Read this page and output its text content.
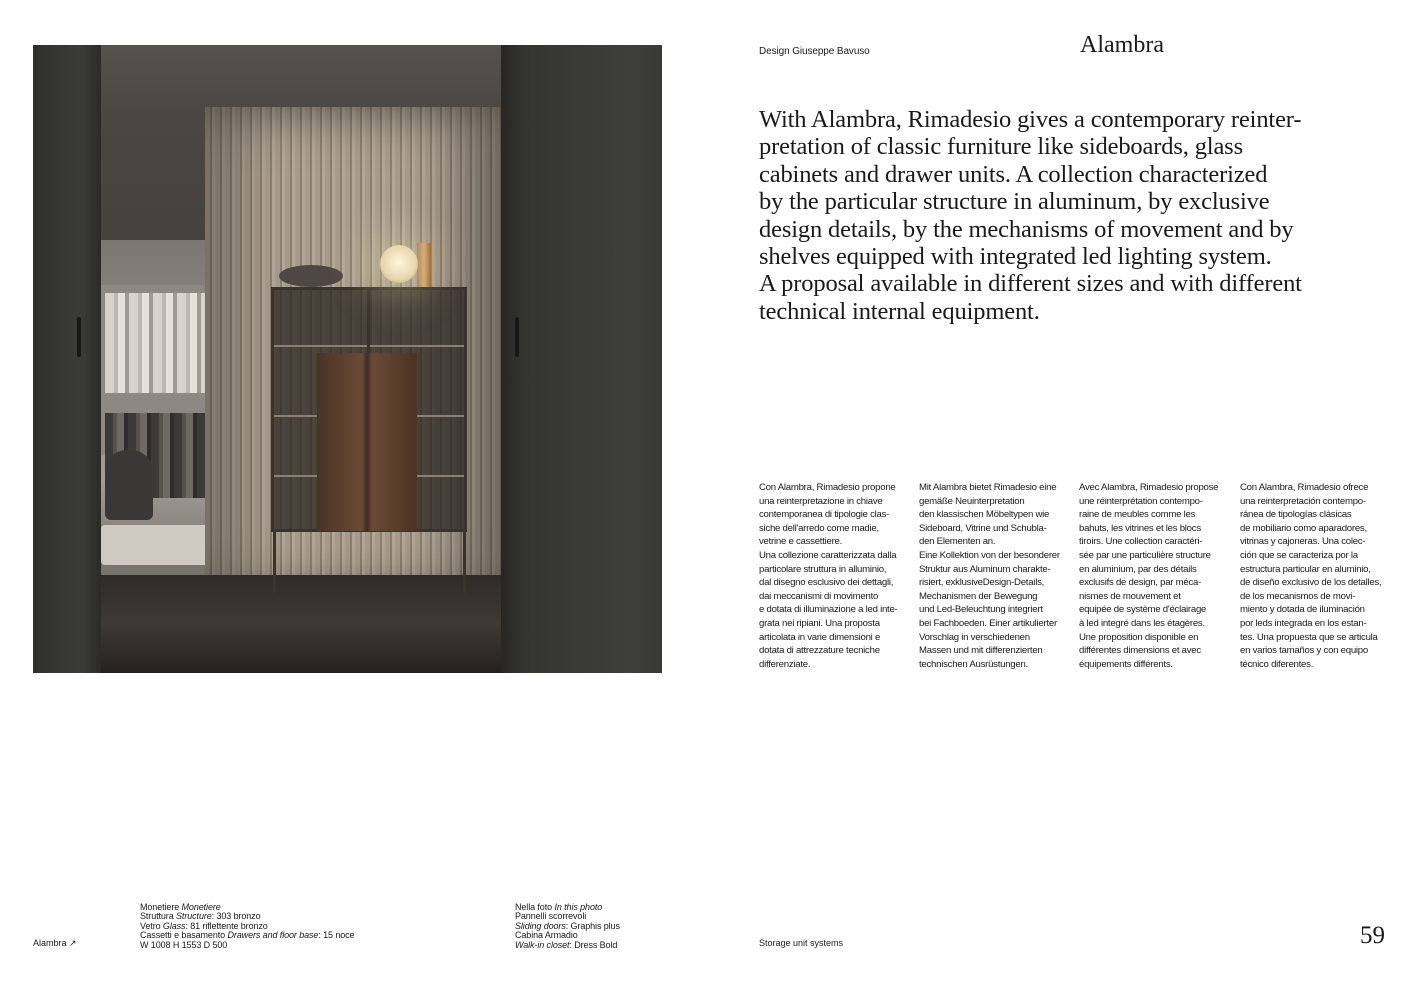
Design Giuseppe Bavuso	Alambra

With Alambra, Rimadesio gives a contemporary reinter-
pretation of classic furniture like sideboards, glass
cabinets and drawer units. A collection characterized
by the particular structure in aluminum, by exclusive
design details, by the mechanisms of movement and by
shelves equipped with integrated led lighting system.
A proposal available in different sizes and with different
technical internal equipment.

Con Alambra, Rimadesio propone
una reinterpretazione in chiave
contemporanea di tipologie clas-
siche dell'arredo come madie,
vetrine e cassettiere.
Una collezione caratterizzata dalla
particolare struttura in alluminio,
dal disegno esclusivo dei dettagli,
dai meccanismi di movimento
e dotata di illuminazione a led inte-
grata nei ripiani. Una proposta
articolata in varie dimensioni e
dotata di attrezzature tecniche
differenziate.
Mit Alambra bietet Rimadesio eine
gemäße Neuinterpretation
den klassischen Möbeltypen wie
Sideboard, Vitrine und Schubla-
den Elementen an.
Eine Kollektion von der besonderer
Struktur aus Aluminum charakte-
risiert, exklusiveDesign-Details,
Mechanismen der Bewegung
und Led-Beleuchtung integriert
bei Fachboeden. Einer artikulierter
Vorschlag in verschiedenen
Massen und mit differenzierten
technischen Ausrüstungen.
Avec Alambra, Rimadesio propose
une réinterprétation contempo-
raine de meubles comme les
bahuts, les vitrines et les blocs
tiroirs. Une collection caractéri-
sée par une particulière structure
en aluminium, par des détails
exclusifs de design, par méca-
nismes de mouvement et
equipée de système d'éclairage
à led integré dans les étagères.
Une proposition disponible en
différentes dimensions et avec
équipements différents.
Con Alambra, Rimadesio ofrece
una reinterpretación contempo-
ránea de tipologías clásicas
de mobiliario como aparadores,
vitrinas y cajoneras. Una colec-
ción que se caracteriza por la
estructura particular en aluminio,
de diseño exclusivo de los detalles,
de los mecanismos de movi-
miento y dotada de iluminación
por leds integrada en los estan-
tes. Una propuesta que se articula
en varios tamaños y con equipo
técnico diferentes.
Alambra ↗
Monetiere Monetiere
Struttura Structure: 303 bronzo
Vetro Glass: 81 riflettente bronzo
Cassetti e basamento Drawers and floor base: 15 noce
W 1008 H 1553 D 500
Nella foto In this photo
Pannelli scorrevoli
Sliding doors: Graphis plus
Cabina Armadio
Walk-in closet: Dress Bold	Storage unit systems	59
